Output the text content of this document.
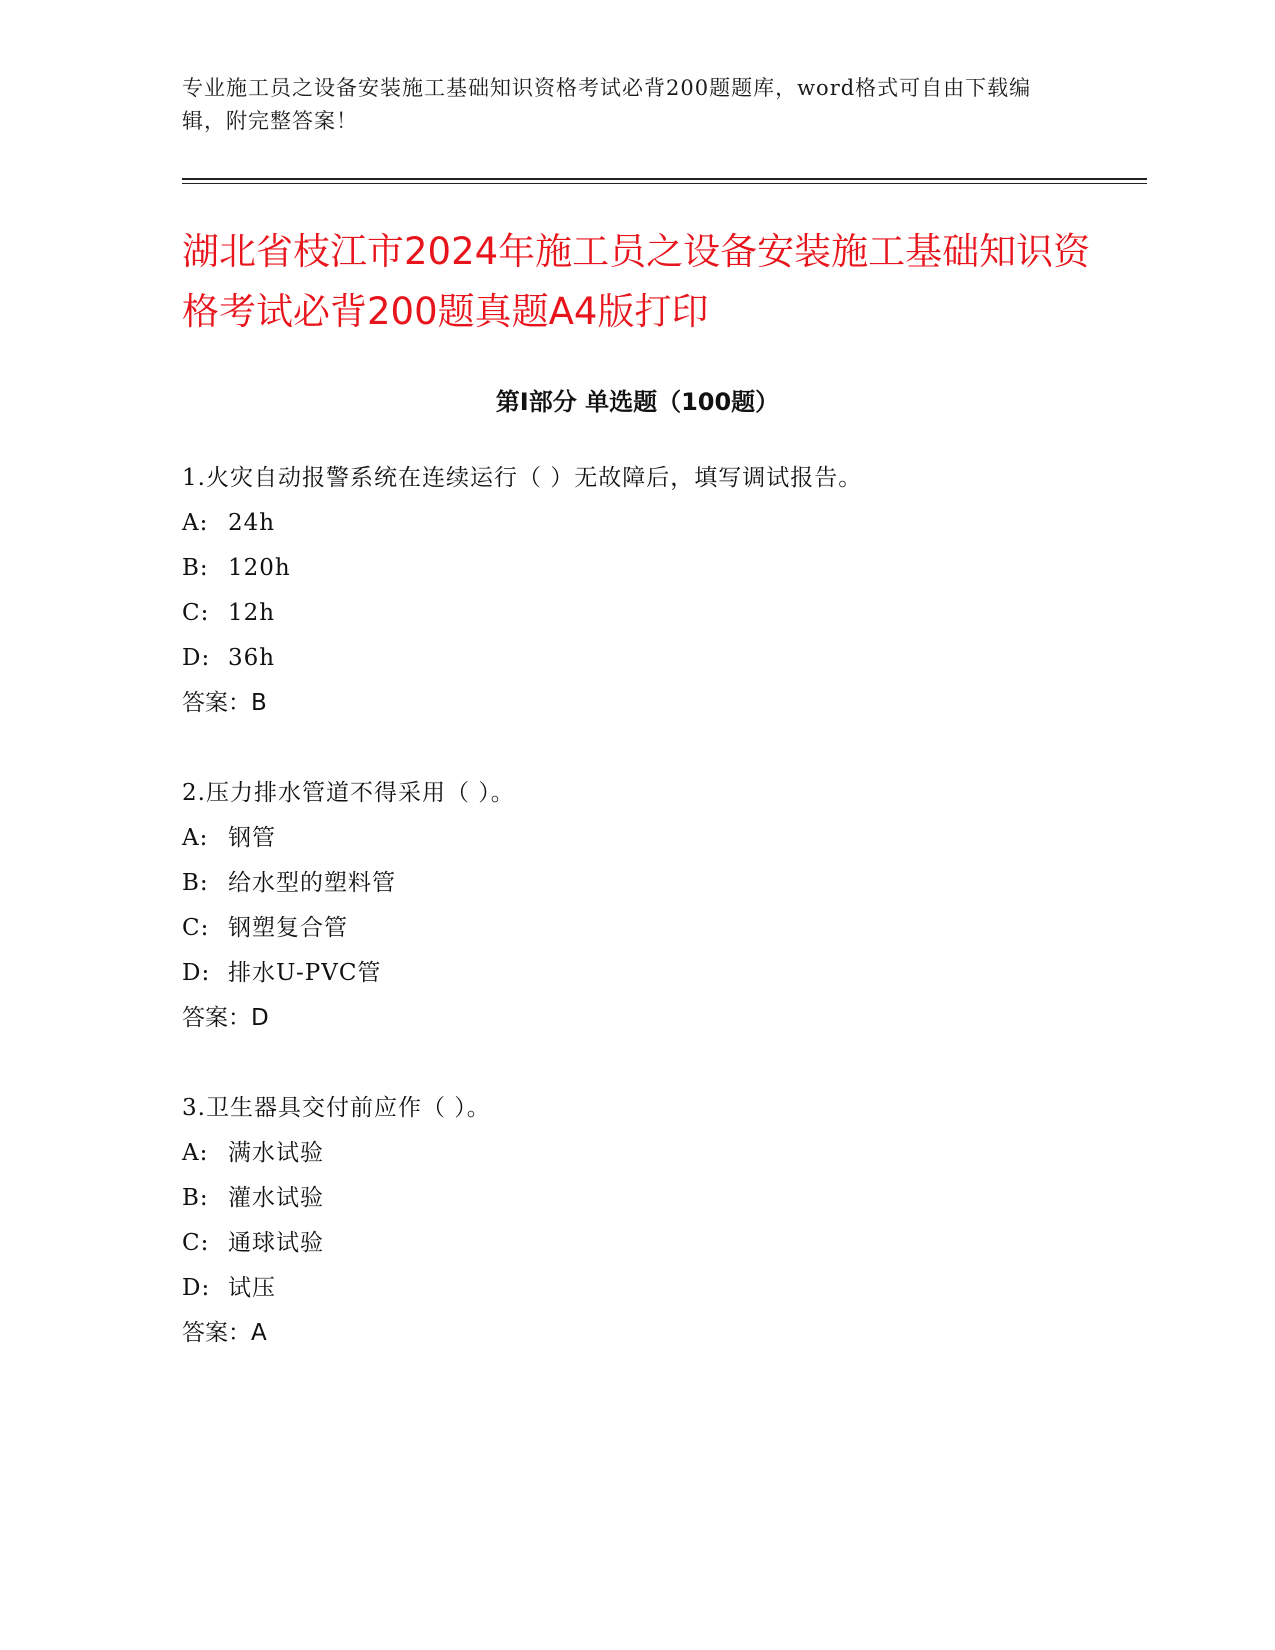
专业施工员之设备安装施工基础知识资格考试必背200题题库，word格式可自由下载编辑，附完整答案！
湖北省枝江市2024年施工员之设备安装施工基础知识资格考试必背200题真题A4版打印
第I部分 单选题（100题）
1.火灾自动报警系统在连续运行（ ）无故障后，填写调试报告。
A: 24h
B: 120h
C: 12h
D: 36h
答案：B
2.压力排水管道不得采用（ ）。
A: 钢管
B: 给水型的塑料管
C: 钢塑复合管
D: 排水U-PVC管
答案：D
3.卫生器具交付前应作（ ）。
A: 满水试验
B: 灌水试验
C: 通球试验
D: 试压
答案：A
